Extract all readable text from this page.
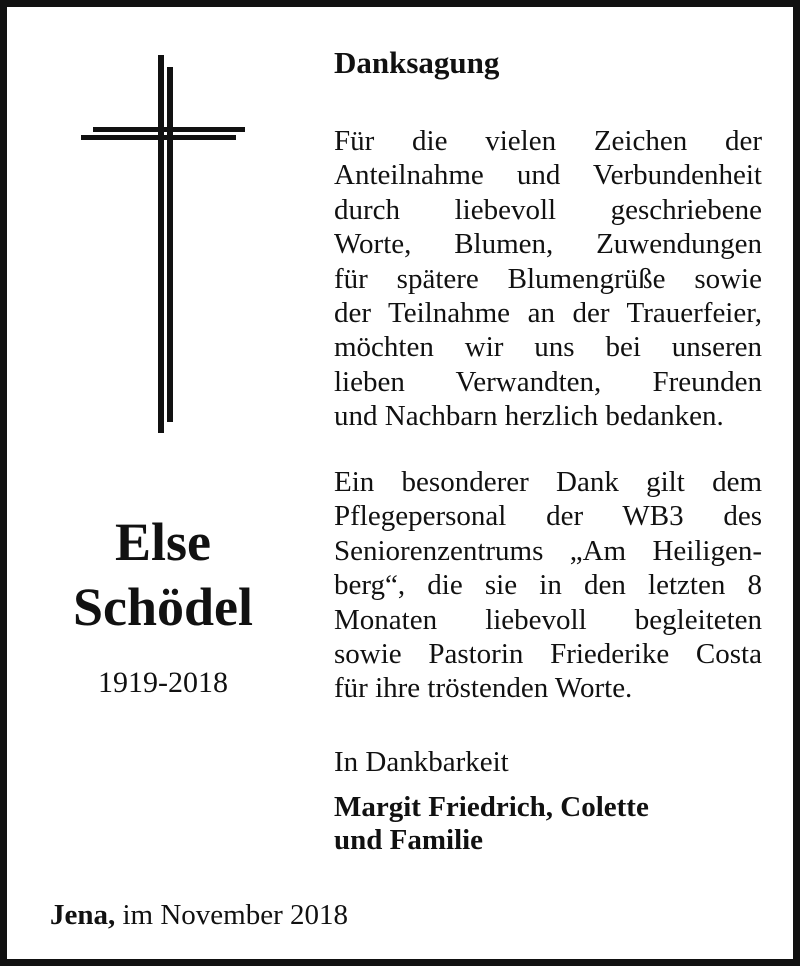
Else
Schödel
1919-2018
Danksagung
Für die vielen Zeichen der
Anteilnahme und Verbundenheit
durch liebevoll geschriebene
Worte, Blumen, Zuwendungen
für spätere Blumengrüße sowie
der Teilnahme an der Trauerfeier,
möchten wir uns bei unseren
lieben Verwandten, Freunden
und Nachbarn herzlich bedanken.
Ein besonderer Dank gilt dem
Pflegepersonal der WB3 des
Seniorenzentrums „Am Heiligen-
berg“, die sie in den letzten 8
Monaten liebevoll begleiteten
sowie Pastorin Friederike Costa
für ihre tröstenden Worte.
In Dankbarkeit
Margit Friedrich, Colette
und Familie
Jena, im November 2018
